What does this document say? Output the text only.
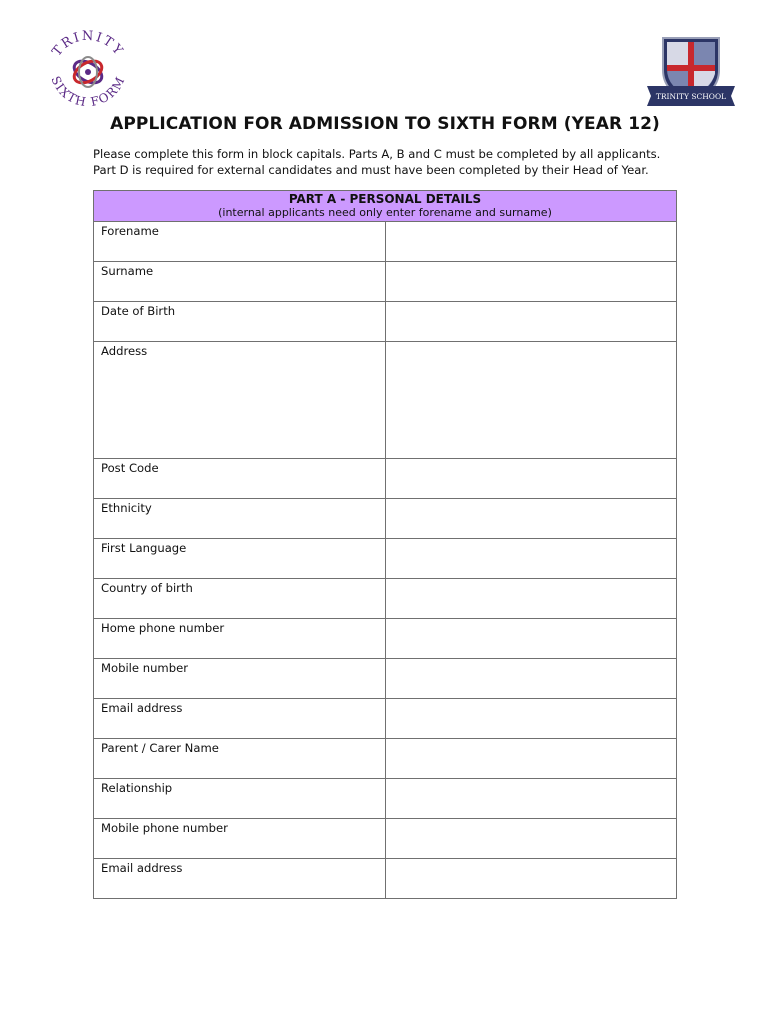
TRINITY
SIXTH FORM
TRINITY SCHOOL
APPLICATION FOR ADMISSION TO SIXTH FORM (YEAR 12)

Please complete this form in block capitals. Parts A, B and C must be completed by all applicants.

Part D is required for external candidates and must have been completed by their Head of Year.

PART A - PERSONAL DETAILS
(internal applicants need only enter forename and surname)	

Forename	
Surname	
Date of Birth	
Address	
Post Code	
Ethnicity	
First Language	
Country of birth	
Home phone number	
Mobile number	
Email address	
Parent / Carer Name	
Relationship	
Mobile phone number	
Email address	
